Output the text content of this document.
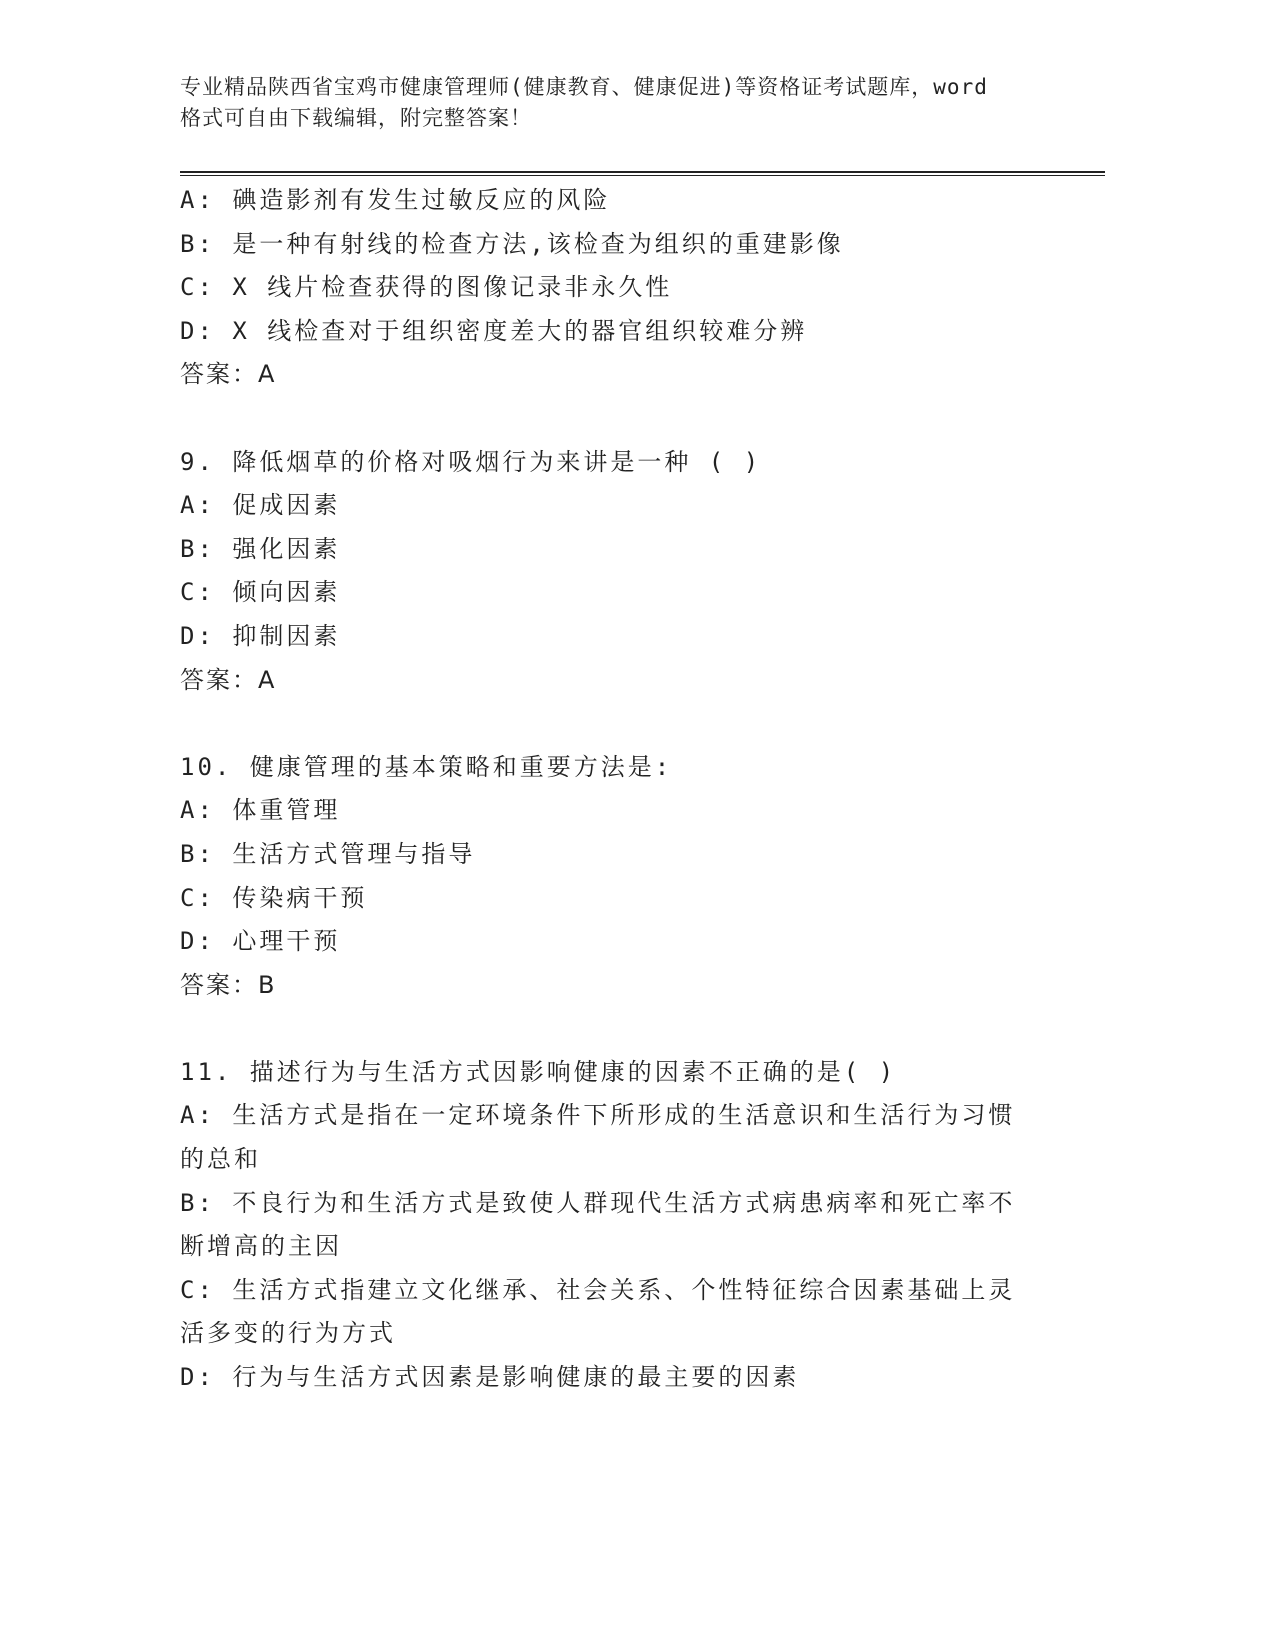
专业精品陕西省宝鸡市健康管理师(健康教育、健康促进)等资格证考试题库，word
格式可自由下载编辑，附完整答案！
A: 碘造影剂有发生过敏反应的风险
B: 是一种有射线的检查方法,该检查为组织的重建影像
C: X 线片检查获得的图像记录非永久性
D: X 线检查对于组织密度差大的器官组织较难分辨
答案：A
9. 降低烟草的价格对吸烟行为来讲是一种 ( )
A: 促成因素
B: 强化因素
C: 倾向因素
D: 抑制因素
答案：A
10. 健康管理的基本策略和重要方法是:
A: 体重管理
B: 生活方式管理与指导
C: 传染病干预
D: 心理干预
答案：B
11. 描述行为与生活方式因影响健康的因素不正确的是( )
A: 生活方式是指在一定环境条件下所形成的生活意识和生活行为习惯的总和
B: 不良行为和生活方式是致使人群现代生活方式病患病率和死亡率不断增高的主因
C: 生活方式指建立文化继承、社会关系、个性特征综合因素基础上灵活多变的行为方式
D: 行为与生活方式因素是影响健康的最主要的因素
